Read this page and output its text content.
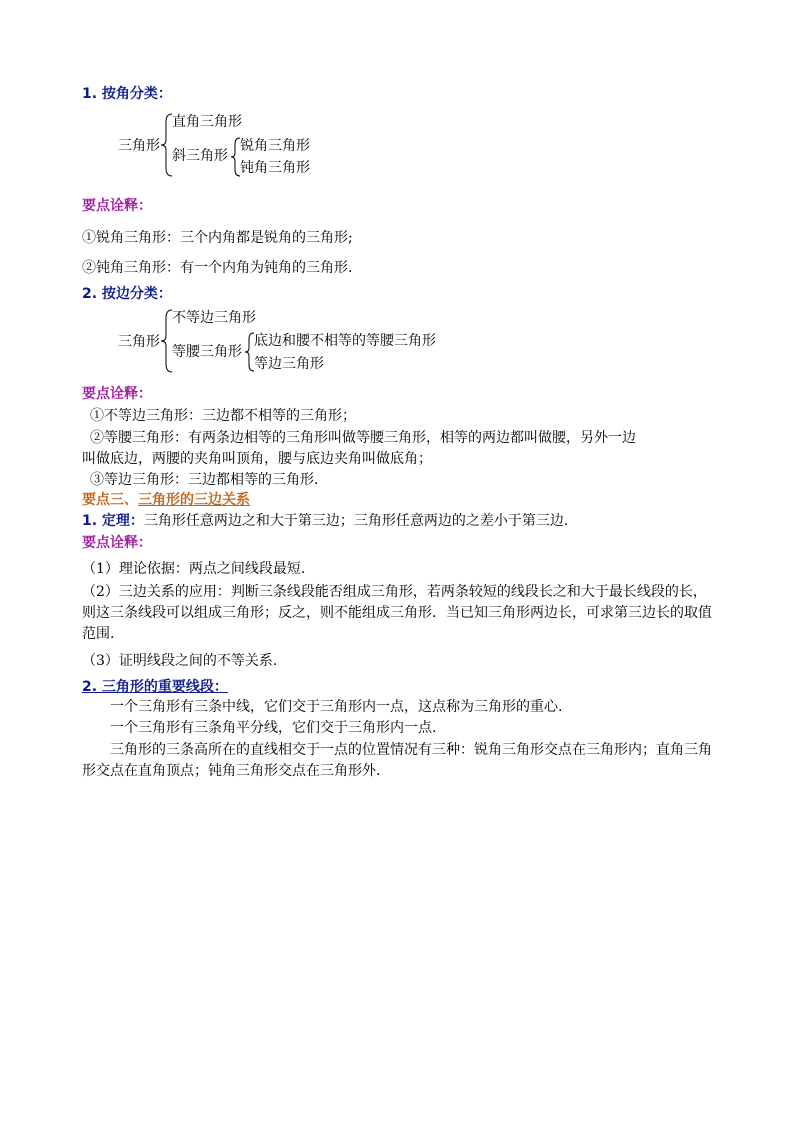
1. 按角分类：
三角形
直角三角形
斜三角形
锐角三角形
钝角三角形
要点诠释：
①锐角三角形：三个内角都是锐角的三角形;
②钝角三角形：有一个内角为钝角的三角形.
2. 按边分类：
三角形
不等边三角形
等腰三角形
底边和腰不相等的等腰三角形
等边三角形
要点诠释：
①不等边三角形：三边都不相等的三角形；
②等腰三角形：有两条边相等的三角形叫做等腰三角形，相等的两边都叫做腰，另外一边
叫做底边，两腰的夹角叫顶角，腰与底边夹角叫做底角；
③等边三角形：三边都相等的三角形.
要点三、三角形的三边关系
1. 定理：三角形任意两边之和大于第三边；三角形任意两边的之差小于第三边.
要点诠释：
（1）理论依据：两点之间线段最短.
（2）三边关系的应用：判断三条线段能否组成三角形，若两条较短的线段长之和大于最长线段的长，则这三条线段可以组成三角形；反之，则不能组成三角形．当已知三角形两边长，可求第三边长的取值范围.
（3）证明线段之间的不等关系.
2. 三角形的重要线段：
一个三角形有三条中线，它们交于三角形内一点，这点称为三角形的重心.
一个三角形有三条角平分线，它们交于三角形内一点.
三角形的三条高所在的直线相交于一点的位置情况有三种：锐角三角形交点在三角形内；直角三角形交点在直角顶点；钝角三角形交点在三角形外.
